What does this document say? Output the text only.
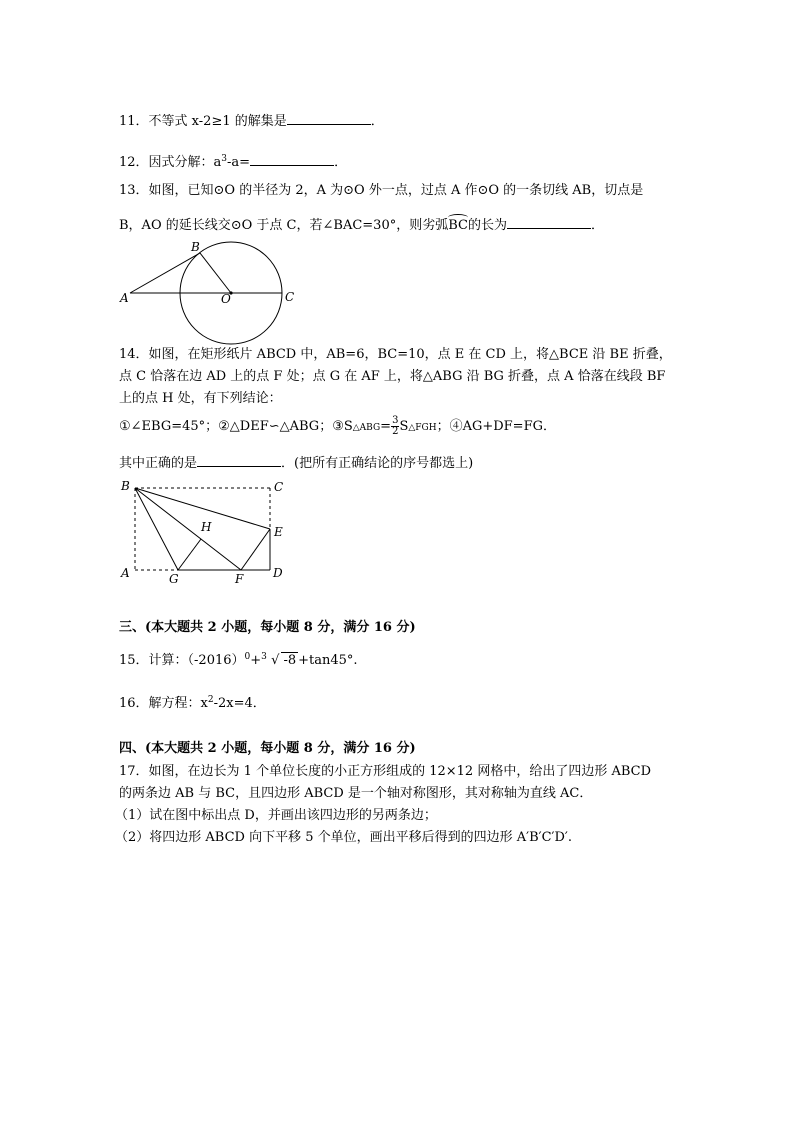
11．不等式 x-2≥1 的解集是	．
12．因式分解：$a^3-a=$	．
13．如图，已知⊙O 的半径为 2，A 为⊙O 外一点，过点 A 作⊙O 的一条切线 AB，切点是
B，AO 的延长线交⊙O 于点 C，若∠BAC=30°，则劣弧BC的长为	．
A
B
O	C
14．如图，在矩形纸片 ABCD 中，AB=6，BC=10，点 E 在 CD 上，将△BCE 沿 BE 折叠，
点 C 恰落在边 AD 上的点 F 处；点 G 在 AF 上，将△ABG 沿 BG 折叠，点 A 恰落在线段 BF
上的点 H 处，有下列结论：
①∠EBG=45°；②△DEF∽△ABG；③S△ABG= $\frac{3}{2}$ S△FGH；④AG+DF=FG．
其中正确的是	．(把所有正确结论的序号都选上)
B	C
H	E
A	G	F D
三、(本大题共 2 小题，每小题 8 分，满分 16 分)
15．计算：$(-2016)^0+ 3$ √ -8 +tan45°.
16．解方程：$x^2-2x=4$．
四、(本大题共 2 小题，每小题 8 分，满分 16 分)
17．如图，在边长为 1 个单位长度的小正方形组成的 12×12 网格中，给出了四边形 ABCD
的两条边 AB 与 BC，且四边形 ABCD 是一个轴对称图形，其对称轴为直线 AC．
（1）试在图中标出点 D，并画出该四边形的另两条边；
（2）将四边形 ABCD 向下平移 5 个单位，画出平移后得到的四边形 A′B′C′D′.
